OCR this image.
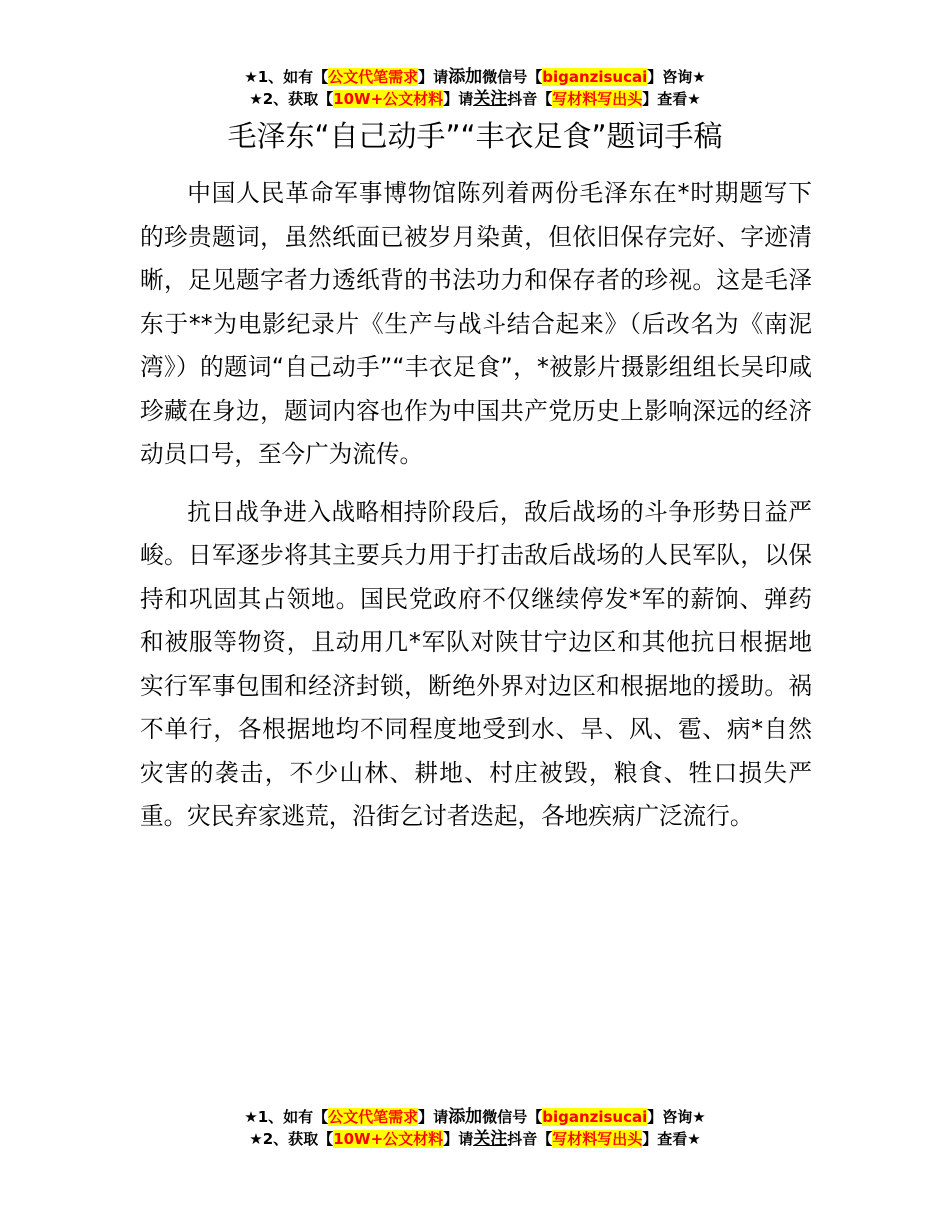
★1、如有【公文代笔需求】请添加微信号【biganzisucai】咨询★
★2、获取【10W+公文材料】请关注抖音【写材料写出头】查看★
毛泽东“自己动手”“丰衣足食”题词手稿

中国人民革命军事博物馆陈列着两份毛泽东在*时期题写下的珍贵题词，虽然纸面已被岁月染黄，但依旧保存完好、字迹清晰，足见题字者力透纸背的书法功力和保存者的珍视。这是毛泽东于**为电影纪录片《生产与战斗结合起来》（后改名为《南泥湾》）的题词“自己动手”“丰衣足食”，*被影片摄影组组长吴印咸珍藏在身边，题词内容也作为中国共产党历史上影响深远的经济动员口号，至今广为流传。

抗日战争进入战略相持阶段后，敌后战场的斗争形势日益严峻。日军逐步将其主要兵力用于打击敌后战场的人民军队，以保持和巩固其占领地。国民党政府不仅继续停发*军的薪饷、弹药和被服等物资，且动用几*军队对陕甘宁边区和其他抗日根据地实行军事包围和经济封锁，断绝外界对边区和根据地的援助。祸不单行，各根据地均不同程度地受到水、旱、风、雹、病*自然灾害的袭击，不少山林、耕地、村庄被毁，粮食、牲口损失严重。灾民弃家逃荒，沿街乞讨者迭起，各地疾病广泛流行。

★1、如有【公文代笔需求】请添加微信号【biganzisucai】咨询★
★2、获取【10W+公文材料】请关注抖音【写材料写出头】查看★
